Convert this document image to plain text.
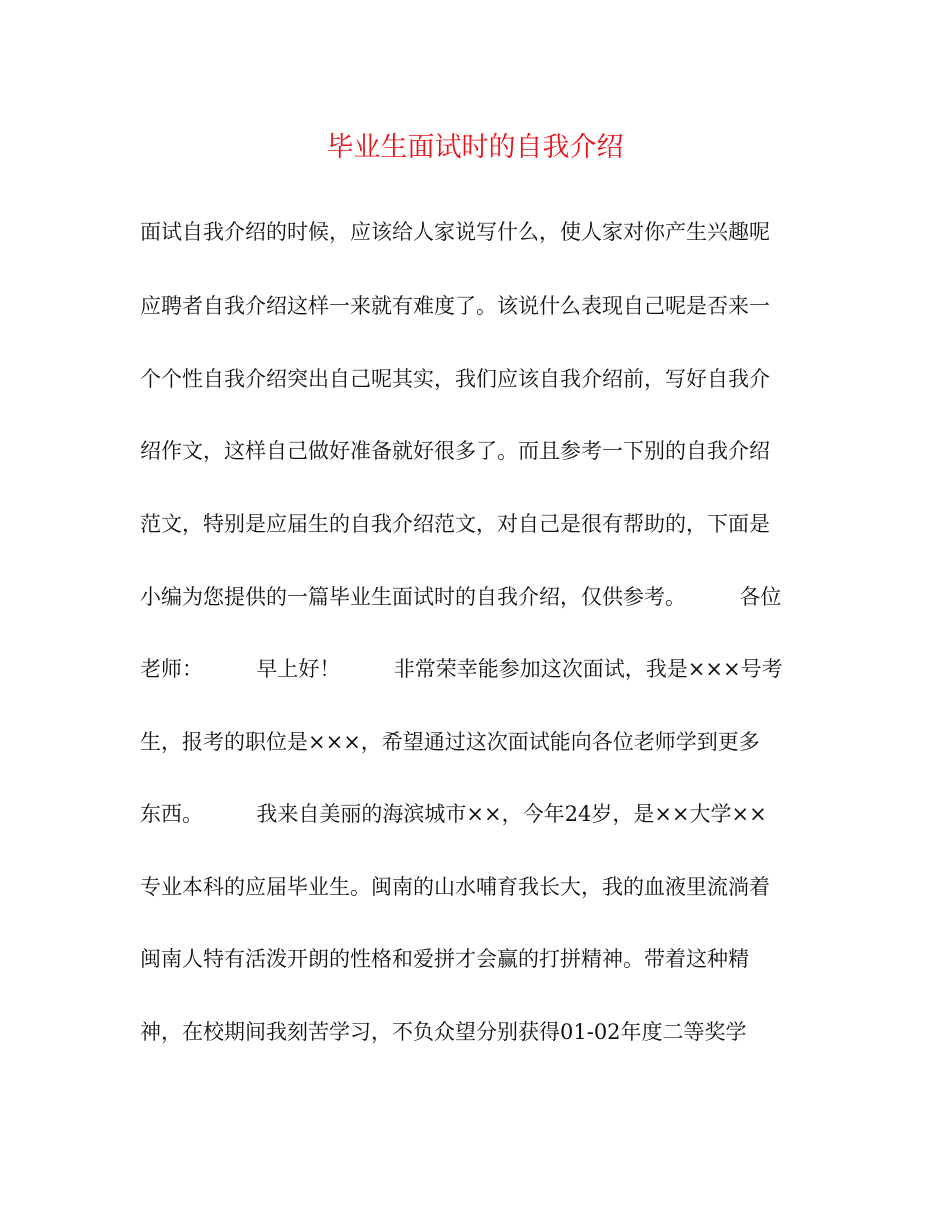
毕业生面试时的自我介绍

面试自我介绍的时候，应该给人家说写什么，使人家对你产生兴趣呢

应聘者自我介绍这样一来就有难度了。该说什么表现自己呢是否来一

个个性自我介绍突出自己呢其实，我们应该自我介绍前，写好自我介

绍作文，这样自己做好准备就好很多了。而且参考一下别的自我介绍

范文，特别是应届生的自我介绍范文，对自己是很有帮助的，下面是

小编为您提供的一篇毕业生面试时的自我介绍，仅供参考。        各位

老师：        早上好！        非常荣幸能参加这次面试，我是×××号考

生，报考的职位是×××，希望通过这次面试能向各位老师学到更多

东西。        我来自美丽的海滨城市××，今年24岁，是××大学××

专业本科的应届毕业生。闽南的山水哺育我长大，我的血液里流淌着

闽南人特有活泼开朗的性格和爱拼才会赢的打拼精神。带着这种精

神，在校期间我刻苦学习，不负众望分别获得01-02年度二等奖学
